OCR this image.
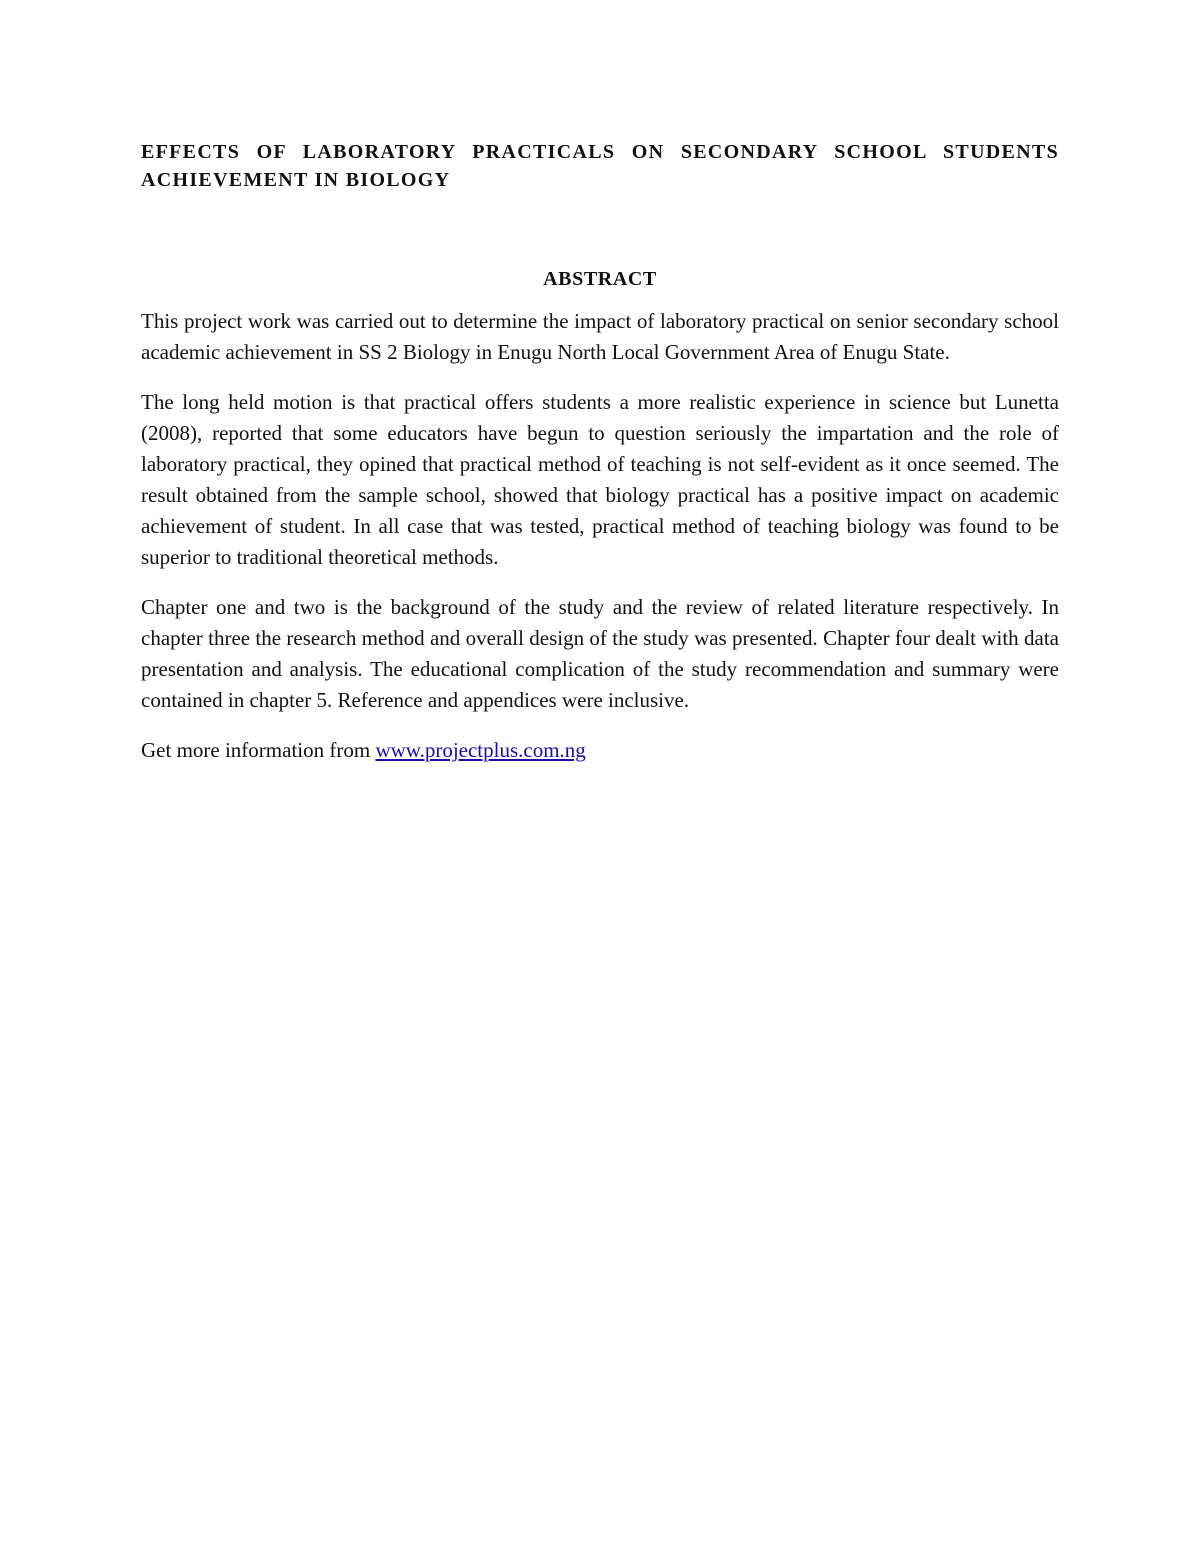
EFFECTS OF LABORATORY PRACTICALS ON SECONDARY SCHOOL STUDENTS ACHIEVEMENT IN BIOLOGY
ABSTRACT

This project work was carried out to determine the impact of laboratory practical on senior secondary school academic achievement in SS 2 Biology in Enugu North Local Government Area of Enugu State.

The long held motion is that practical offers students a more realistic experience in science but Lunetta (2008), reported that some educators have begun to question seriously the impartation and the role of laboratory practical, they opined that practical method of teaching is not self-evident as it once seemed. The result obtained from the sample school, showed that biology practical has a positive impact on academic achievement of student. In all case that was tested, practical method of teaching biology was found to be superior to traditional theoretical methods.

Chapter one and two is the background of the study and the review of related literature respectively. In chapter three the research method and overall design of the study was presented. Chapter four dealt with data presentation and analysis. The educational complication of the study recommendation and summary were contained in chapter 5. Reference and appendices were inclusive.

Get more information from www.projectplus.com.ng
